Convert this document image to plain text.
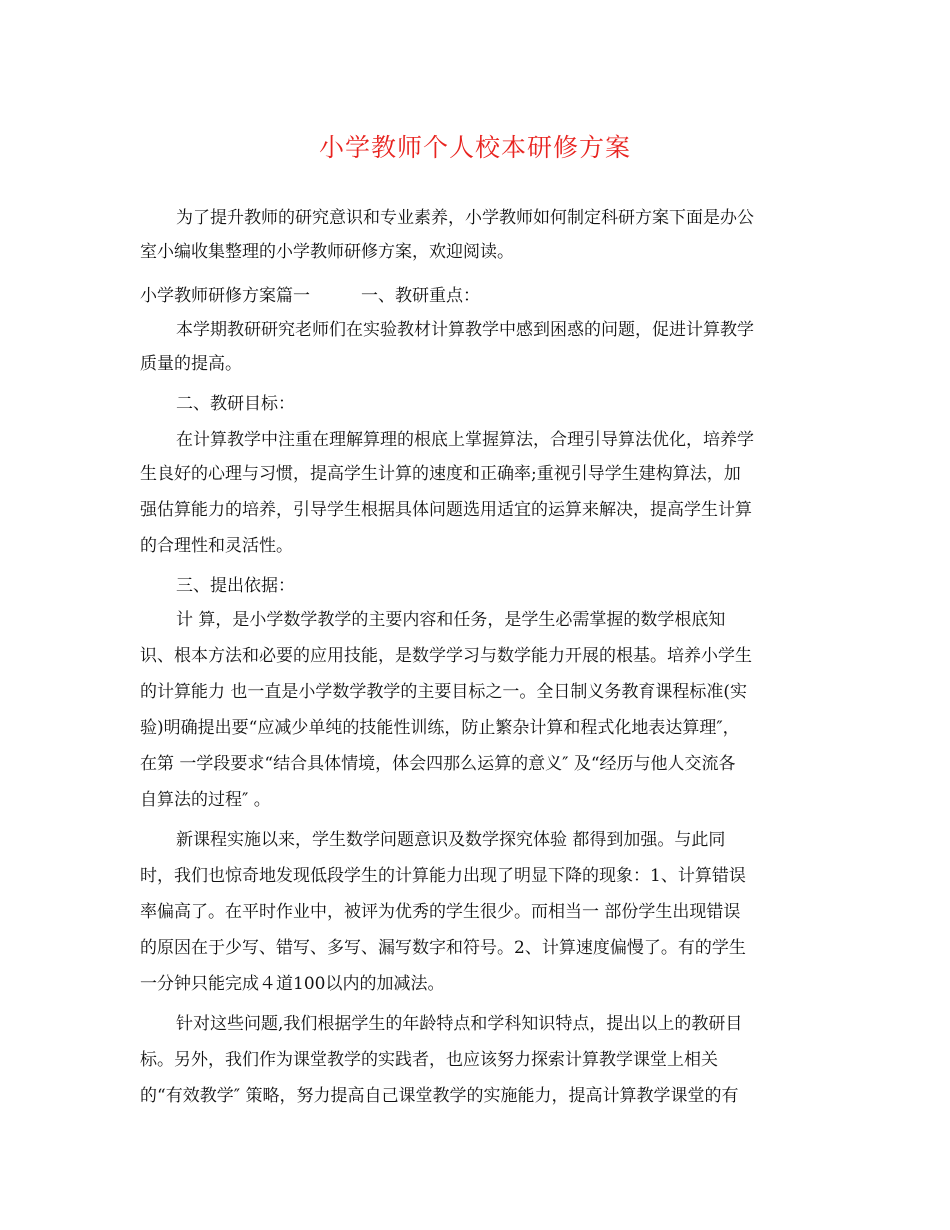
小学教师个人校本研修方案
为了提升教师的研究意识和专业素养，小学教师如何制定科研方案下面是办公
室小编收集整理的小学教师研修方案，欢迎阅读。
小学教师研修方案篇一　　　一、教研重点：
本学期教研研究老师们在实验教材计算教学中感到困惑的问题，促进计算教学
质量的提高。
二、教研目标：
在计算教学中注重在理解算理的根底上掌握算法，合理引导算法优化，培养学
生良好的心理与习惯，提高学生计算的速度和正确率;重视引导学生建构算法，加
强估算能力的培养，引导学生根据具体问题选用适宜的运算来解决，提高学生计算
的合理性和灵活性。
三、提出依据：
计 算，是小学数学教学的主要内容和任务，是学生必需掌握的数学根底知
识、根本方法和必要的应用技能，是数学学习与数学能力开展的根基。培养小学生
的计算能力 也一直是小学数学教学的主要目标之一。全日制义务教育课程标准(实
验)明确提出要“应减少单纯的技能性训练，防止繁杂计算和程式化地表达算理″，
在第 一学段要求“结合具体情境，体会四那么运算的意义″ 及“经历与他人交流各
自算法的过程″ 。
新课程实施以来，学生数学问题意识及数学探究体验 都得到加强。与此同
时，我们也惊奇地发现低段学生的计算能力出现了明显下降的现象：1、计算错误
率偏高了。在平时作业中，被评为优秀的学生很少。而相当一 部份学生出现错误
的原因在于少写、错写、多写、漏写数字和符号。2、计算速度偏慢了。有的学生
一分钟只能完成４道100以内的加减法。
针对这些问题,我们根据学生的年龄特点和学科知识特点，提出以上的教研目
标。另外，我们作为课堂教学的实践者，也应该努力探索计算教学课堂上相关
的“有效教学″ 策略，努力提高自己课堂教学的实施能力，提高计算教学课堂的有
